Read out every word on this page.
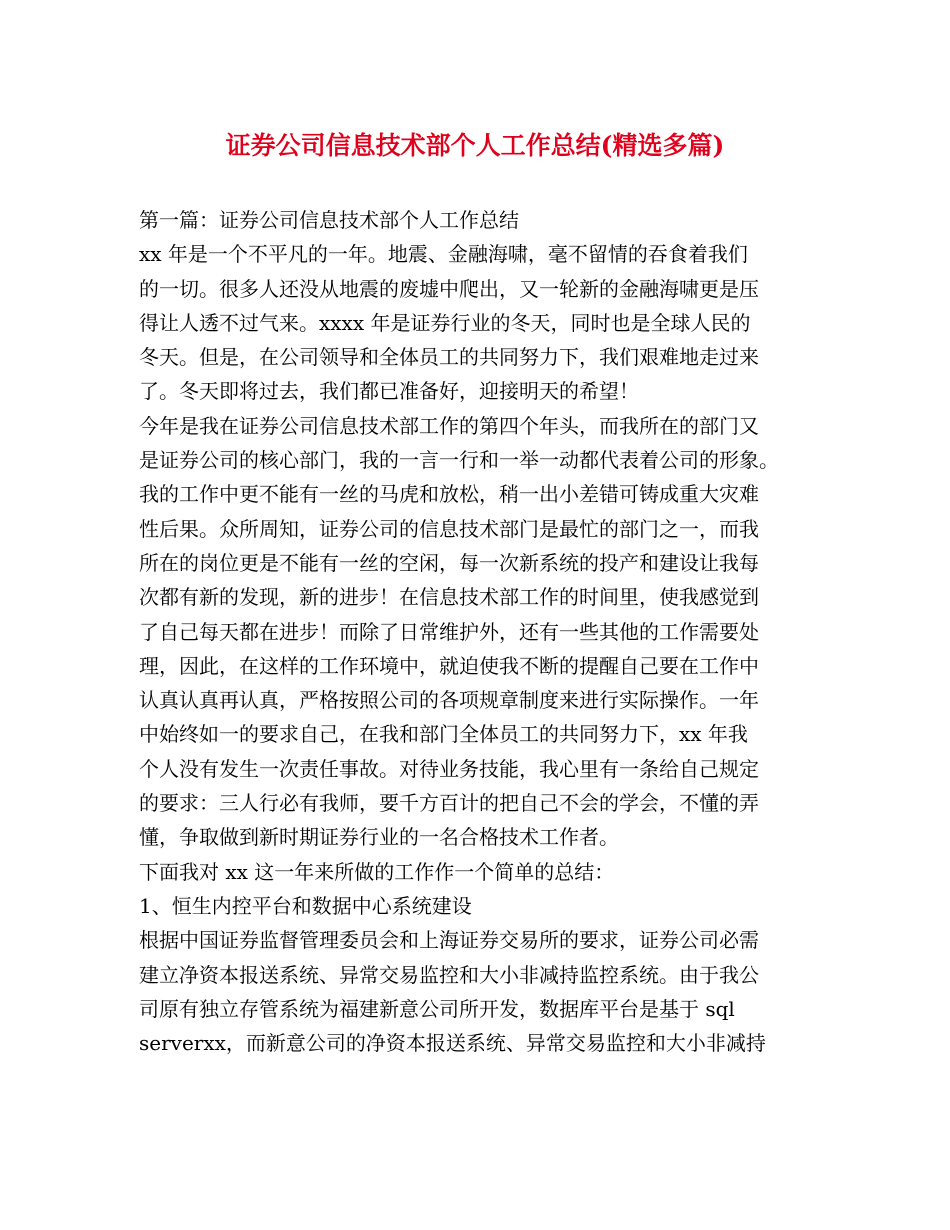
证券公司信息技术部个人工作总结(精选多篇)
第一篇：证券公司信息技术部个人工作总结
xx 年是一个不平凡的一年。地震、金融海啸，毫不留情的吞食着我们
的一切。很多人还没从地震的废墟中爬出，又一轮新的金融海啸更是压
得让人透不过气来。xxxx 年是证券行业的冬天，同时也是全球人民的
冬天。但是，在公司领导和全体员工的共同努力下，我们艰难地走过来
了。冬天即将过去，我们都已准备好，迎接明天的希望！
今年是我在证券公司信息技术部工作的第四个年头，而我所在的部门又
是证券公司的核心部门，我的一言一行和一举一动都代表着公司的形象。
我的工作中更不能有一丝的马虎和放松，稍一出小差错可铸成重大灾难
性后果。众所周知，证券公司的信息技术部门是最忙的部门之一，而我
所在的岗位更是不能有一丝的空闲，每一次新系统的投产和建设让我每
次都有新的发现，新的进步！在信息技术部工作的时间里，使我感觉到
了自己每天都在进步！而除了日常维护外，还有一些其他的工作需要处
理，因此，在这样的工作环境中，就迫使我不断的提醒自己要在工作中
认真认真再认真，严格按照公司的各项规章制度来进行实际操作。一年
中始终如一的要求自己，在我和部门全体员工的共同努力下，xx 年我
个人没有发生一次责任事故。对待业务技能，我心里有一条给自己规定
的要求：三人行必有我师，要千方百计的把自己不会的学会，不懂的弄
懂，争取做到新时期证券行业的一名合格技术工作者。
下面我对 xx 这一年来所做的工作作一个简单的总结：
1、恒生内控平台和数据中心系统建设
根据中国证券监督管理委员会和上海证券交易所的要求，证券公司必需
建立净资本报送系统、异常交易监控和大小非减持监控系统。由于我公
司原有独立存管系统为福建新意公司所开发，数据库平台是基于 sql
serverxx，而新意公司的净资本报送系统、异常交易监控和大小非减持
